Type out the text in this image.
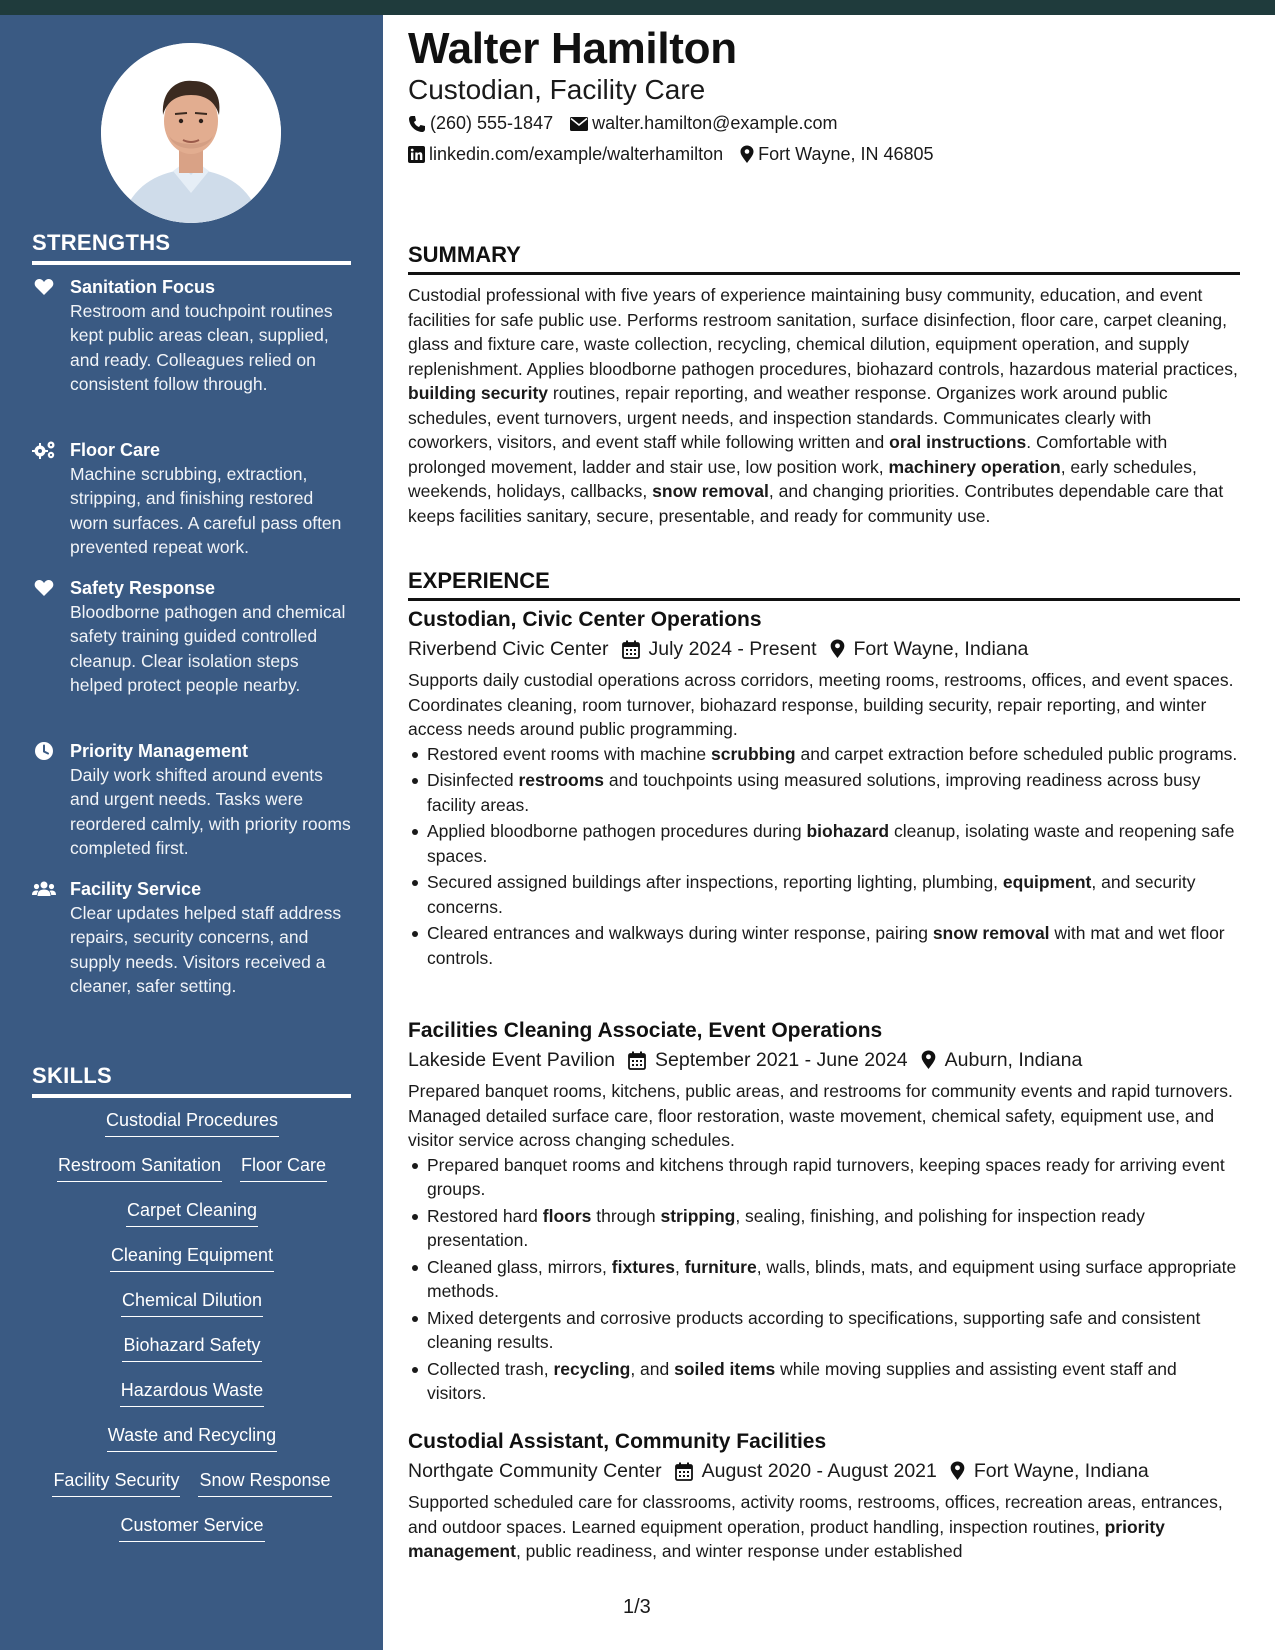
STRENGTHS
Sanitation Focus
Restroom and touchpoint routines kept public areas clean, supplied, and ready. Colleagues relied on consistent follow through.
Floor Care
Machine scrubbing, extraction, stripping, and finishing restored worn surfaces. A careful pass often prevented repeat work.
Safety Response
Bloodborne pathogen and chemical safety training guided controlled cleanup. Clear isolation steps helped protect people nearby.
Priority Management
Daily work shifted around events and urgent needs. Tasks were reordered calmly, with priority rooms completed first.
Facility Service
Clear updates helped staff address repairs, security concerns, and supply needs. Visitors received a cleaner, safer setting.
SKILLS
Custodial Procedures
Restroom Sanitation Floor Care
Carpet Cleaning
Cleaning Equipment
Chemical Dilution
Biohazard Safety
Hazardous Waste
Waste and Recycling
Facility Security Snow Response
Customer Service
Walter Hamilton
Custodian, Facility Care
(260) 555-1847 walter.hamilton@example.com
linkedin.com/example/walterhamilton Fort Wayne, IN 46805
SUMMARY

Custodial professional with five years of experience maintaining busy community, education, and event facilities for safe public use. Performs restroom sanitation, surface disinfection, floor care, carpet cleaning, glass and fixture care, waste collection, recycling, chemical dilution, equipment operation, and supply replenishment. Applies bloodborne pathogen procedures, biohazard controls, hazardous material practices, building security routines, repair reporting, and weather response. Organizes work around public schedules, event turnovers, urgent needs, and inspection standards. Communicates clearly with coworkers, visitors, and event staff while following written and oral instructions. Comfortable with prolonged movement, ladder and stair use, low position work, machinery operation, early schedules, weekends, holidays, callbacks, snow removal, and changing priorities. Contributes dependable care that keeps facilities sanitary, secure, presentable, and ready for community use.

EXPERIENCE
Custodian, Civic Center Operations
Riverbend Civic Center July 2024 - Present Fort Wayne, Indiana

Supports daily custodial operations across corridors, meeting rooms, restrooms, offices, and event spaces. Coordinates cleaning, room turnover, biohazard response, building security, repair reporting, and winter access needs around public programming.

Restored event rooms with machine scrubbing and carpet extraction before scheduled public programs.
Disinfected restrooms and touchpoints using measured solutions, improving readiness across busy facility areas.
Applied bloodborne pathogen procedures during biohazard cleanup, isolating waste and reopening safe spaces.
Secured assigned buildings after inspections, reporting lighting, plumbing, equipment, and security concerns.
Cleared entrances and walkways during winter response, pairing snow removal with mat and wet floor controls.
Facilities Cleaning Associate, Event Operations
Lakeside Event Pavilion September 2021 - June 2024 Auburn, Indiana

Prepared banquet rooms, kitchens, public areas, and restrooms for community events and rapid turnovers. Managed detailed surface care, floor restoration, waste movement, chemical safety, equipment use, and visitor service across changing schedules.

Prepared banquet rooms and kitchens through rapid turnovers, keeping spaces ready for arriving event groups.
Restored hard floors through stripping, sealing, finishing, and polishing for inspection ready presentation.
Cleaned glass, mirrors, fixtures, furniture, walls, blinds, mats, and equipment using surface appropriate methods.
Mixed detergents and corrosive products according to specifications, supporting safe and consistent cleaning results.
Collected trash, recycling, and soiled items while moving supplies and assisting event staff and visitors.
Custodial Assistant, Community Facilities
Northgate Community Center August 2020 - August 2021 Fort Wayne, Indiana

Supported scheduled care for classrooms, activity rooms, restrooms, offices, recreation areas, entrances, and outdoor spaces. Learned equipment operation, product handling, inspection routines, priority management, public readiness, and winter response under established

1/3
